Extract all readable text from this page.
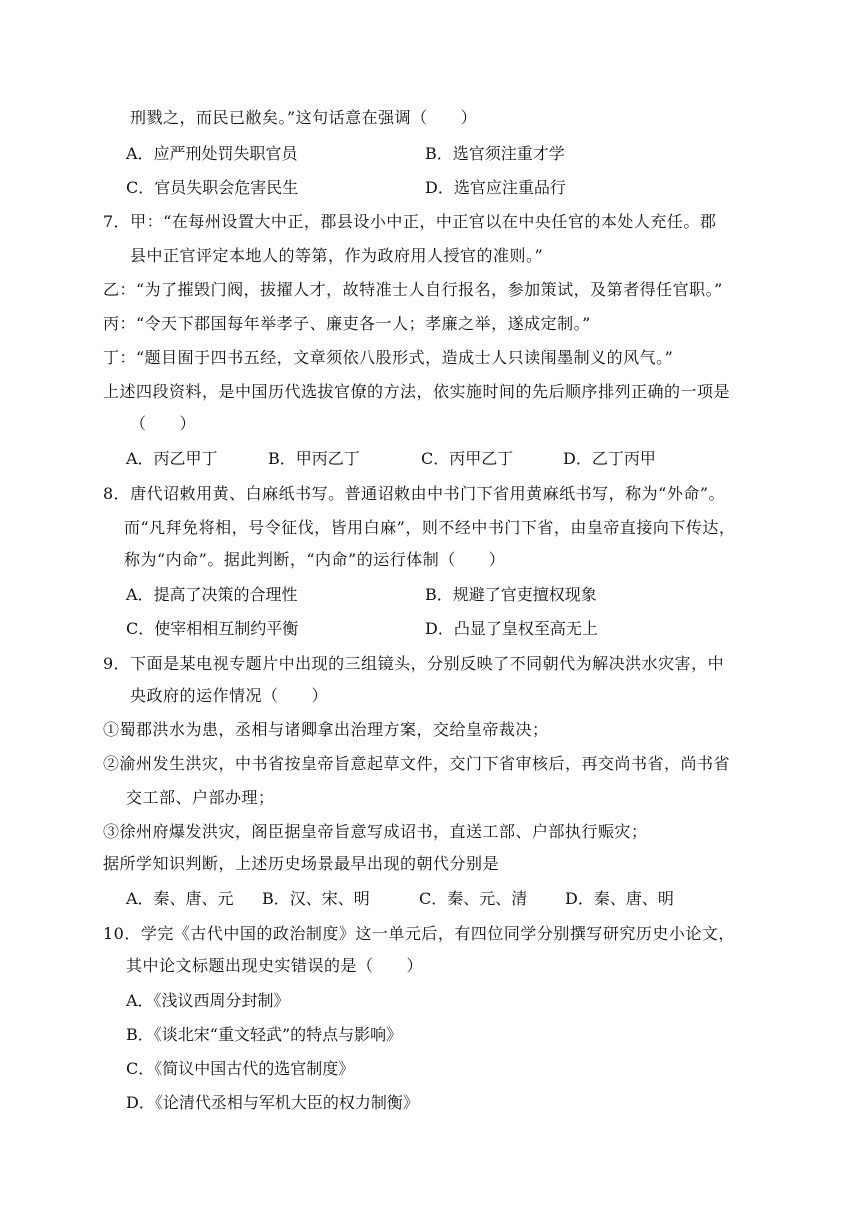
刑戮之，而民已敝矣。”这句话意在强调（　　）
A．应严刑处罚失职官员	B．选官须注重才学
C．官员失职会危害民生	D．选官应注重品行
7．甲：“在每州设置大中正，郡县设小中正，中正官以在中央任官的本处人充任。郡
县中正官评定本地人的等第，作为政府用人授官的准则。”
乙：“为了摧毁门阀，拔擢人才，故特准士人自行报名，参加策试，及第者得任官职。”
丙：“令天下郡国每年举孝子、廉吏各一人；孝廉之举，遂成定制。”
丁：“题目囿于四书五经，文章须依八股形式，造成士人只读闱墨制义的风气。”
上述四段资料，是中国历代选拔官僚的方法，依实施时间的先后顺序排列正确的一项是
（　　）
A．丙乙甲丁	B．甲丙乙丁	C．丙甲乙丁	D．乙丁丙甲
8．唐代诏敕用黄、白麻纸书写。普通诏敕由中书门下省用黄麻纸书写，称为“外命”。
而“凡拜免将相，号令征伐，皆用白麻”，则不经中书门下省，由皇帝直接向下传达，
称为“内命”。据此判断，“内命”的运行体制（　　）
A．提高了决策的合理性	B．规避了官吏擅权现象
C．使宰相相互制约平衡	D．凸显了皇权至高无上
9．下面是某电视专题片中出现的三组镜头，分别反映了不同朝代为解决洪水灾害，中
央政府的运作情况（　　）
①蜀郡洪水为患，丞相与诸卿拿出治理方案，交给皇帝裁决；
②渝州发生洪灾，中书省按皇帝旨意起草文件，交门下省审核后，再交尚书省，尚书省
交工部、户部办理；
③徐州府爆发洪灾，阁臣据皇帝旨意写成诏书，直送工部、户部执行赈灾；
据所学知识判断，上述历史场景最早出现的朝代分别是
A．秦、唐、元 B．汉、宋、明	C．秦、元、清 D．秦、唐、明
10．学完《古代中国的政治制度》这一单元后，有四位同学分别撰写研究历史小论文，
其中论文标题出现史实错误的是（　　）
A．《浅议西周分封制》
B．《谈北宋“重文轻武”的特点与影响》
C．《简议中国古代的选官制度》
D．《论清代丞相与军机大臣的权力制衡》
